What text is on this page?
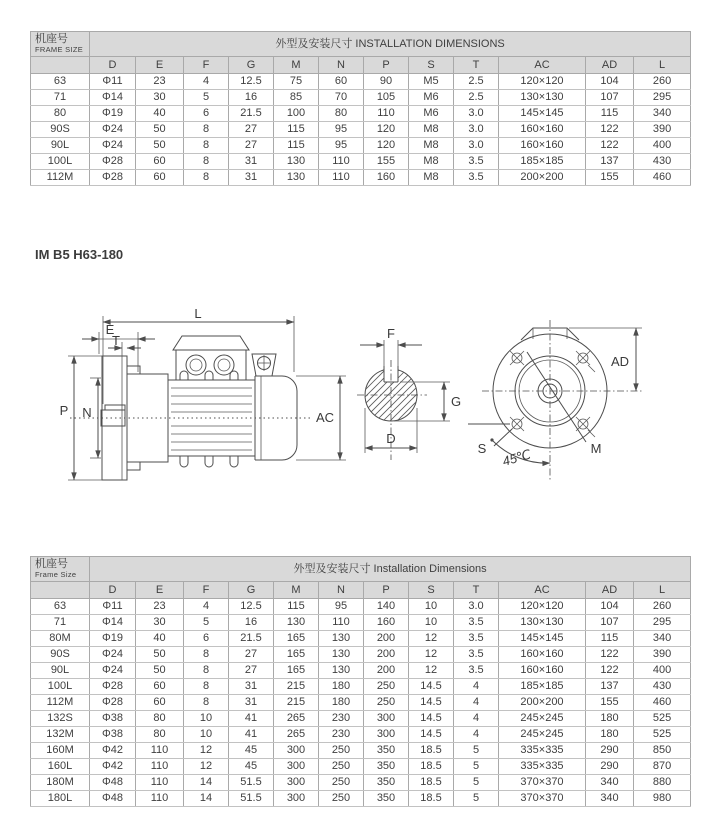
机座号
FRAME SIZE	外型及安装尺寸 INSTALLATION DIMENSIONS											
	D	E	F	G	M	N	P	S	T	AC	AD	L
63	Φ11	23	4	12.5	75	60	90	M5	2.5	120×120	104	260
71	Φ14	30	5	16	85	70	105	M6	2.5	130×130	107	295
80	Φ19	40	6	21.5	100	80	110	M6	3.0	145×145	115	340
90S	Φ24	50	8	27	115	95	120	M8	3.0	160×160	122	390
90L	Φ24	50	8	27	115	95	120	M8	3.0	160×160	122	400
100L	Φ28	60	8	31	130	110	155	M8	3.5	185×185	137	430
112M	Φ28	60	8	31	130	110	160	M8	3.5	200×200	155	460
IM B5 H63-180
L
E
T
P N	AC
F
G
D
AD
S	M
45℃
机座号
Frame Size	外型及安装尺寸 Installation Dimensions											
	D	E	F	G	M	N	P	S	T	AC	AD	L
63	Φ11	23	4	12.5	115	95	140	10	3.0	120×120	104	260
71	Φ14	30	5	16	130	110	160	10	3.5	130×130	107	295
80M	Φ19	40	6	21.5	165	130	200	12	3.5	145×145	115	340
90S	Φ24	50	8	27	165	130	200	12	3.5	160×160	122	390
90L	Φ24	50	8	27	165	130	200	12	3.5	160×160	122	400
100L	Φ28	60	8	31	215	180	250	14.5	4	185×185	137	430
112M	Φ28	60	8	31	215	180	250	14.5	4	200×200	155	460
132S	Φ38	80	10	41	265	230	300	14.5	4	245×245	180	525
132M	Φ38	80	10	41	265	230	300	14.5	4	245×245	180	525
160M	Φ42	110	12	45	300	250	350	18.5	5	335×335	290	850
160L	Φ42	110	12	45	300	250	350	18.5	5	335×335	290	870
180M	Φ48	110	14	51.5	300	250	350	18.5	5	370×370	340	880
180L	Φ48	110	14	51.5	300	250	350	18.5	5	370×370	340	980
